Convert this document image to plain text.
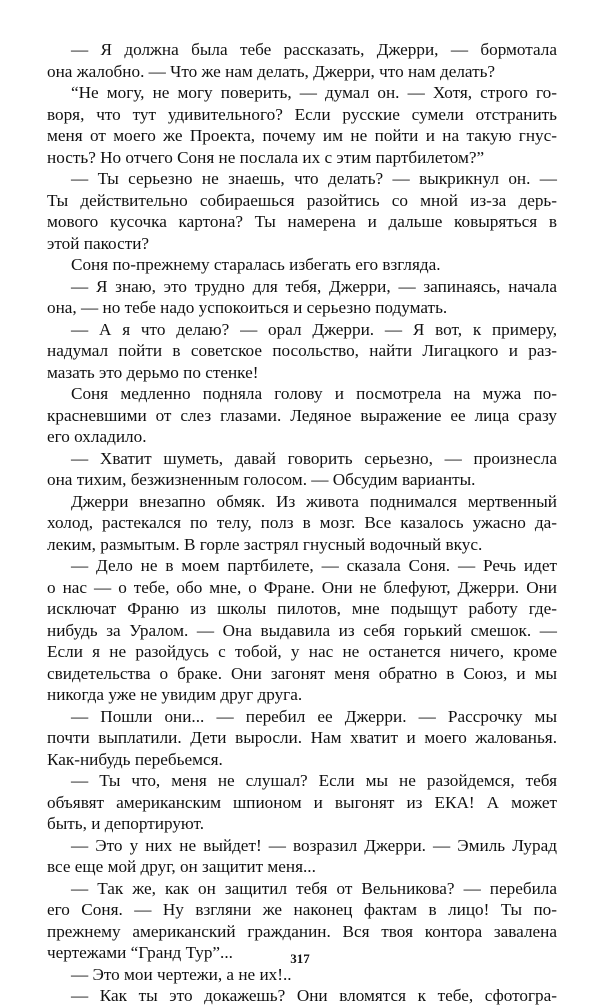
— Я должна была тебе рассказать, Джерри, — бормотала
она жалобно. — Что же нам делать, Джерри, что нам делать?
“Не могу, не могу поверить, — думал он. — Хотя, строго го-
воря, что тут удивительного? Если русские сумели отстранить
меня от моего же Проекта, почему им не пойти и на такую гнус-
ность? Но отчего Соня не послала их с этим партбилетом?”
— Ты серьезно не знаешь, что делать? — выкрикнул он. —
Ты действительно собираешься разойтись со мной из-за дерь-
мового кусочка картона? Ты намерена и дальше ковыряться в
этой пакости?
Соня по-прежнему старалась избегать его взгляда.
— Я знаю, это трудно для тебя, Джерри, — запинаясь, начала
она, — но тебе надо успокоиться и серьезно подумать.
— А я что делаю? — орал Джерри. — Я вот, к примеру,
надумал пойти в советское посольство, найти Лигацкого и раз-
мазать это дерьмо по стенке!
Соня медленно подняла голову и посмотрела на мужа по-
красневшими от слез глазами. Ледяное выражение ее лица сразу
его охладило.
— Хватит шуметь, давай говорить серьезно, — произнесла
она тихим, безжизненным голосом. — Обсудим варианты.
Джерри внезапно обмяк. Из живота поднимался мертвенный
холод, растекался по телу, полз в мозг. Все казалось ужасно да-
леким, размытым. В горле застрял гнусный водочный вкус.
— Дело не в моем партбилете, — сказала Соня. — Речь идет
о нас — о тебе, обо мне, о Фране. Они не блефуют, Джерри. Они
исключат Франю из школы пилотов, мне подыщут работу где-
нибудь за Уралом. — Она выдавила из себя горький смешок. —
Если я не разойдусь с тобой, у нас не останется ничего, кроме
свидетельства о браке. Они загонят меня обратно в Союз, и мы
никогда уже не увидим друг друга.
— Пошли они... — перебил ее Джерри. — Рассрочку мы
почти выплатили. Дети выросли. Нам хватит и моего жалованья.
Как-нибудь перебьемся.
— Ты что, меня не слушал? Если мы не разойдемся, тебя
объявят американским шпионом и выгонят из ЕКА! А может
быть, и депортируют.
— Это у них не выйдет! — возразил Джерри. — Эмиль Лурад
все еще мой друг, он защитит меня...
— Так же, как он защитил тебя от Вельникова? — перебила
его Соня. — Ну взгляни же наконец фактам в лицо! Ты по-
прежнему американский гражданин. Вся твоя контора завалена
чертежами “Гранд Тур”...
— Это мои чертежи, а не их!..
— Как ты это докажешь? Они вломятся к тебе, сфотогра-
317
